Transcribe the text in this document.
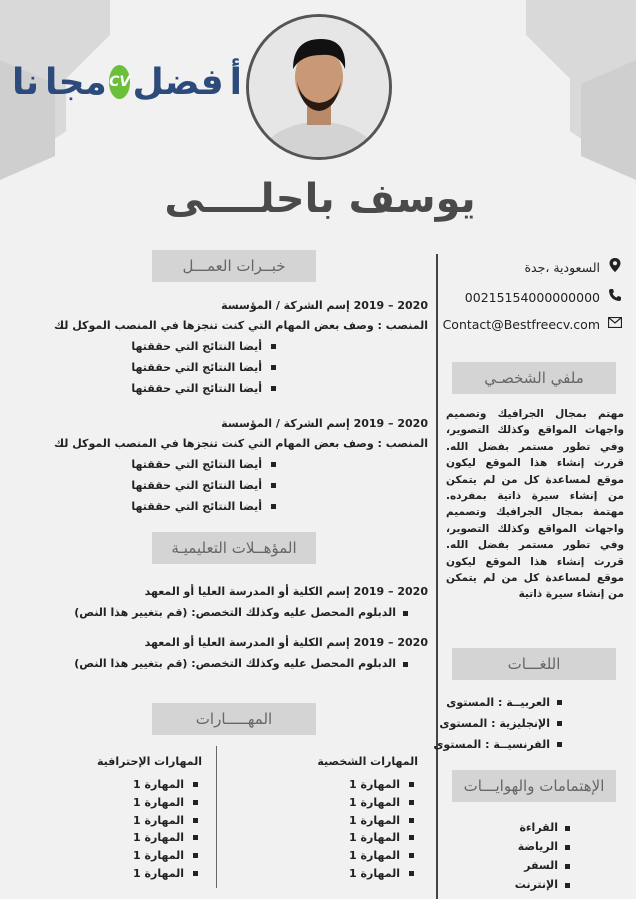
أ
فضل
CV
مجا
نا
يوسف باحلــــى
السعودية ،جدة
00215154000000000
Contact@Bestfreecv.com
ملفي الشخصـي
مهتم بمجال الجرافيك وتصميم واجهات المواقع وكذلك التصوير، وفي تطور مستمر بفضل الله. قررت إنشاء هذا الموقع ليكون موقع لمساعدة كل من لم يتمكن من إنشاء سيرة ذاتية بمفرده. مهتمة بمجال الجرافيك وتصميم واجهات المواقع وكذلك التصوير، وفي تطور مستمر بفضل الله. قررت إنشاء هذا الموقع ليكون موقع لمساعدة كل من لم يتمكن من إنشاء سيرة ذاتية
اللغـــات
العربيــة : المستوى
الإنجليزية : المستوى
الفرنسيــة : المستوى
الإهتمامات والهوايـــات
القراءة
الرياضة
السفر
الإنترنت
خبــرات العمـــل
2020 – 2019 إسم الشركة / المؤسسة
المنصب : وصف بعض المهام التي كنت تنجزها في المنصب الموكل لك
أيضا النتائج التي حققتها
أيضا النتائج التي حققتها
أيضا النتائج التي حققتها
2020 – 2019 إسم الشركة / المؤسسة
المنصب : وصف بعض المهام التي كنت تنجزها في المنصب الموكل لك
أيضا النتائج التي حققتها
أيضا النتائج التي حققتها
أيضا النتائج التي حققتها
المؤهــلات التعليميـة
2020 – 2019 إسم الكلية أو المدرسة العليا أو المعهد
الدبلوم المحصل عليه وكذلك التخصص: (قم بتغيير هذا النص)
2020 – 2019 إسم الكلية أو المدرسة العليا أو المعهد
الدبلوم المحصل عليه وكذلك التخصص: (قم بتغيير هذا النص)
المهـــــارات
المهارات الشخصية
المهارة 1
المهارة 1
المهارة 1
المهارة 1
المهارة 1
المهارة 1
المهارات الإحترافية
المهارة 1
المهارة 1
المهارة 1
المهارة 1
المهارة 1
المهارة 1
